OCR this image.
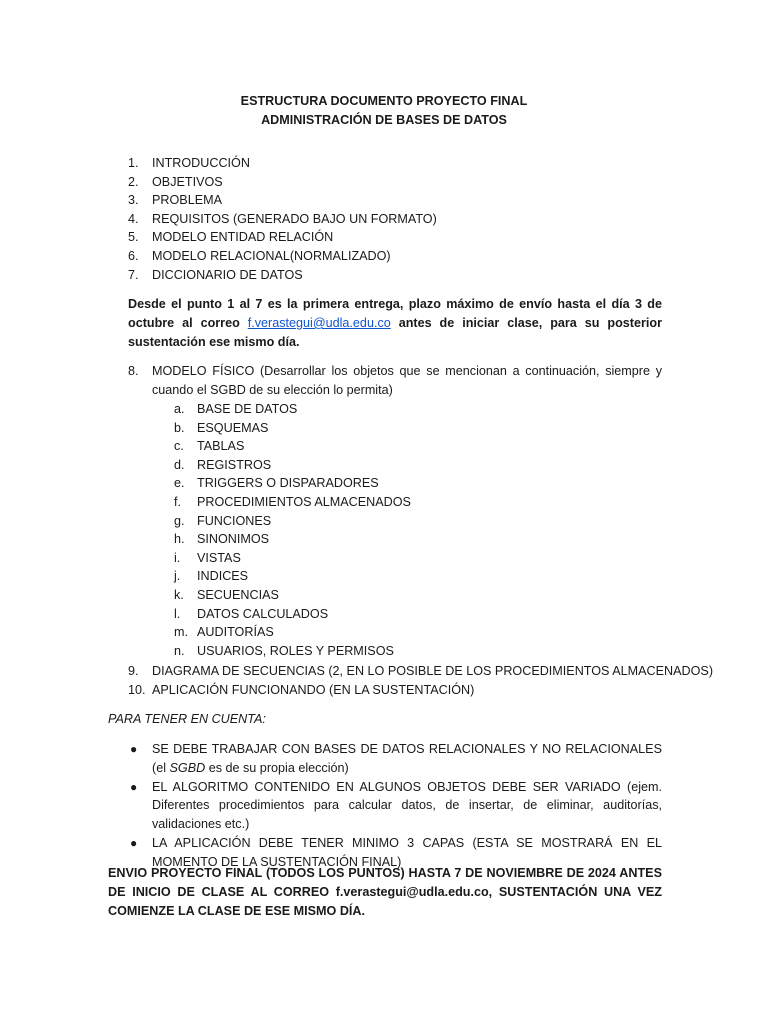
ESTRUCTURA DOCUMENTO PROYECTO FINAL
ADMINISTRACIÓN DE BASES DE DATOS
1.	INTRODUCCIÓN
2.	OBJETIVOS
3.	PROBLEMA
4.	REQUISITOS (GENERADO BAJO UN FORMATO)
5.	MODELO ENTIDAD RELACIÓN
6.	MODELO RELACIONAL(NORMALIZADO)
7.	DICCIONARIO DE DATOS

Desde el punto 1 al 7 es la primera entrega, plazo máximo de envío hasta el día 3 de octubre al correo f.verastegui@udla.edu.co antes de iniciar clase, para su posterior sustentación ese mismo día.

8. MODELO FÍSICO (Desarrollar los objetos que se mencionan a continuación, siempre y cuando el SGBD de su elección lo permita)
a. BASE DE DATOS
b. ESQUEMAS
c. TABLAS
d. REGISTROS
e. TRIGGERS O DISPARADORES
f. PROCEDIMIENTOS ALMACENADOS
g. FUNCIONES
h. SINONIMOS
i. VISTAS
j. INDICES
k. SECUENCIAS
l. DATOS CALCULADOS
m. AUDITORÍAS
n. USUARIOS, ROLES Y PERMISOS
9.	DIAGRAMA DE SECUENCIAS (2, EN LO POSIBLE DE LOS PROCEDIMIENTOS ALMACENADOS)
10. APLICACIÓN FUNCIONANDO (EN LA SUSTENTACIÓN)
PARA TENER EN CUENTA:
● SE DEBE TRABAJAR CON BASES DE DATOS RELACIONALES Y NO RELACIONALES (el SGBD es de su propia elección)
● EL ALGORITMO CONTENIDO EN ALGUNOS OBJETOS DEBE SER VARIADO (ejem. Diferentes procedimientos para calcular datos, de insertar, de eliminar, auditorías, validaciones etc.)
● LA APLICACIÓN DEBE TENER MINIMO 3 CAPAS (ESTA SE MOSTRARÁ EN EL MOMENTO DE LA SUSTENTACIÓN FINAL)

ENVIO PROYECTO FINAL (TODOS LOS PUNTOS) HASTA 7 DE NOVIEMBRE DE 2024 ANTES DE INICIO DE CLASE AL CORREO f.verastegui@udla.edu.co, SUSTENTACIÓN UNA VEZ COMIENZE LA CLASE DE ESE MISMO DÍA.
